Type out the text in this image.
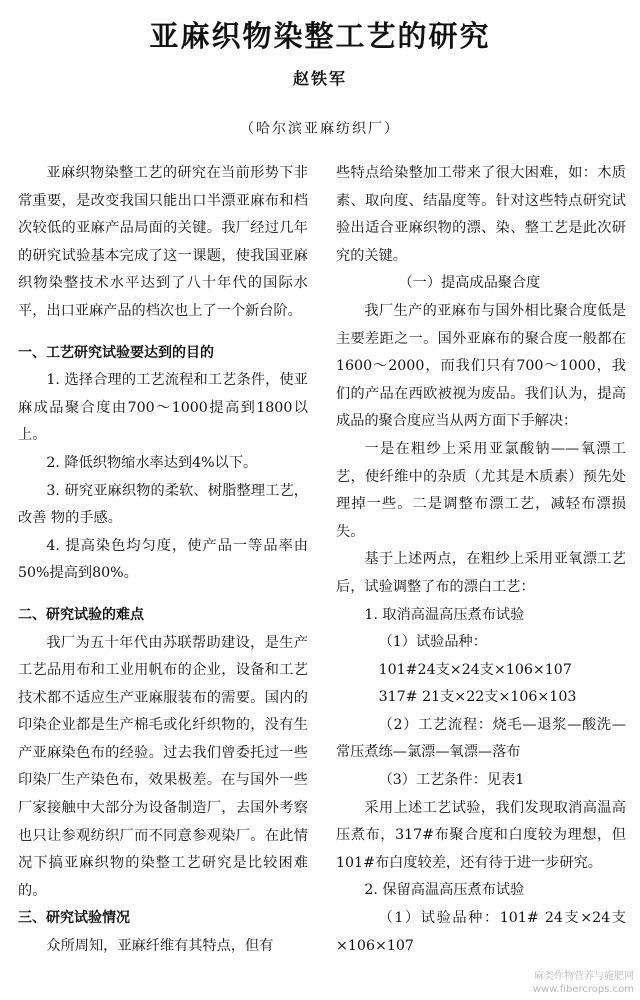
亚麻织物染整工艺的研究
赵铁军
（哈尔滨亚麻纺织厂）

亚麻织物染整工艺的研究在当前形势下非常重要，是改变我国只能出口半漂亚麻布和档次较低的亚麻产品局面的关键。我厂经过几年的研究试验基本完成了这一课题，使我国亚麻织物染整技术水平达到了八十年代的国际水平，出口亚麻产品的档次也上了一个新台阶。

一、工艺研究试验要达到的目的

1. 选择合理的工艺流程和工艺条件，使亚麻成品聚合度由700～1000提高到1800以上。

2. 降低织物缩水率达到4%以下。

3. 研究亚麻织物的柔软、树脂整理工艺，改善 物的手感。

4. 提高染色均匀度，使产品一等品率由50%提高到80%。

二、研究试验的难点

我厂为五十年代由苏联帮助建设，是生产工艺品用布和工业用帆布的企业，设备和工艺技术都不适应生产亚麻服装布的需要。国内的印染企业都是生产棉毛或化纤织物的，没有生产亚麻染色布的经验。过去我们曾委托过一些印染厂生产染色布，效果极差。在与国外一些厂家接触中大部分为设备制造厂，去国外考察也只让参观纺织厂而不同意参观染厂。在此情况下搞亚麻织物的染整工艺研究是比较困难的。

三、研究试验情况

众所周知，亚麻纤维有其特点，但有

些特点给染整加工带来了很大困难，如：木质素、取向度、结晶度等。针对这些特点研究试验出适合亚麻织物的漂、染、整工艺是此次研究的关键。

（一）提高成品聚合度

我厂生产的亚麻布与国外相比聚合度低是主要差距之一。国外亚麻布的聚合度一般都在1600～2000，而我们只有700～1000，我们的产品在西欧被视为废品。我们认为，提高成品的聚合度应当从两方面下手解决：

一是在粗纱上采用亚氯酸钠——氧漂工艺，使纤维中的杂质（尤其是木质素）预先处理掉一些。二是调整布漂工艺，减轻布漂损失。

基于上述两点，在粗纱上采用亚氧漂工艺后，试验调整了布的漂白工艺：

1. 取消高温高压煮布试验

（1）试验品种：

101#24支×24支×106×107

317# 21支×22支×106×103

（2）工艺流程：烧毛—退浆—酸洗—常压煮练—氯漂—氧漂—落布

（3）工艺条件：见表1

采用上述工艺试验，我们发现取消高温高压煮布，317#布聚合度和白度较为理想，但101#布白度较差，还有待于进一步研究。

2. 保留高温高压煮布试验

（1）试验品种：101# 24支×24支×106×107

麻类作物营养与施肥网
www.fibercrops.com
